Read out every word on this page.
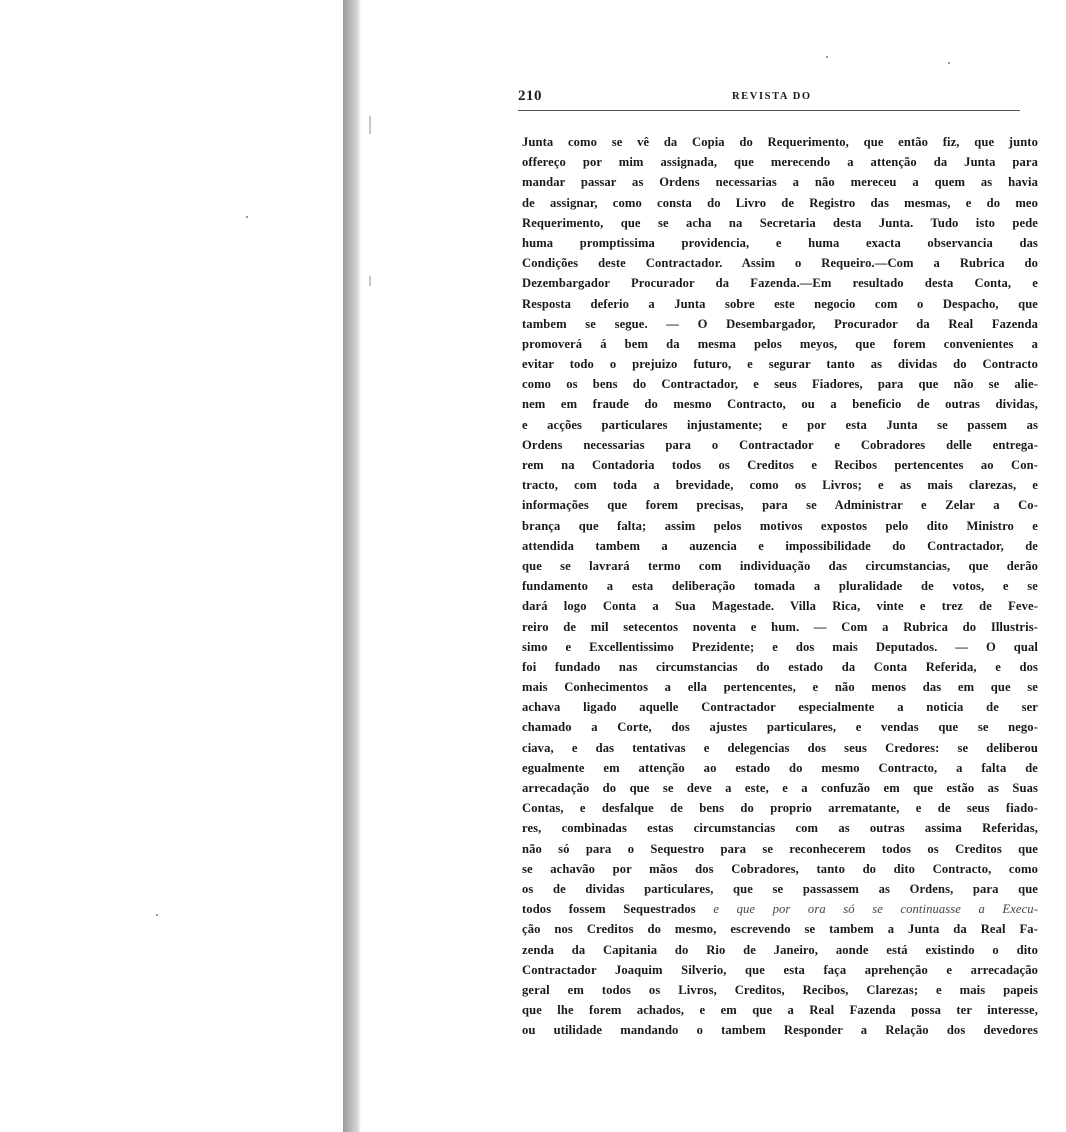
210	REVISTA DO
Junta como se vê da Copia do Requerimento, que então fiz, que junto
offereço por mim assignada, que merecendo a attenção da Junta para
mandar passar as Ordens necessarias a não mereceu a quem as havia
de assignar, como consta do Livro de Registro das mesmas, e do meo
Requerimento, que se acha na Secretaria desta Junta. Tudo isto pede
huma promptissima providencia, e huma exacta observancia das
Condições deste Contractador. Assim o Requeiro.—Com a Rubrica do
Dezembargador Procurador da Fazenda.—Em resultado desta Conta, e
Resposta deferio a Junta sobre este negocio com o Despacho, que
tambem se segue. — O Desembargador, Procurador da Real Fazenda
promoverá á bem da mesma pelos meyos, que forem convenientes a
evitar todo o prejuizo futuro, e segurar tanto as dividas do Contracto
como os bens do Contractador, e seus Fiadores, para que não se alie-
nem em fraude do mesmo Contracto, ou a beneficio de outras dividas,
e acções particulares injustamente; e por esta Junta se passem as
Ordens necessarias para o Contractador e Cobradores delle entrega-
rem na Contadoria todos os Creditos e Recibos pertencentes ao Con-
tracto, com toda a brevidade, como os Livros; e as mais clarezas, e
informações que forem precisas, para se Administrar e Zelar a Co-
brança que falta; assim pelos motivos expostos pelo dito Ministro e
attendida tambem a auzencia e impossibilidade do Contractador, de
que se lavrará termo com individuação das circumstancias, que derão
fundamento a esta deliberação tomada a pluralidade de votos, e se
dará logo Conta a Sua Magestade. Villa Rica, vinte e trez de Feve-
reiro de mil setecentos noventa e hum. — Com a Rubrica do Illustris-
simo e Excellentissimo Prezidente; e dos mais Deputados. — O qual
foi fundado nas circumstancias do estado da Conta Referida, e dos
mais Conhecimentos a ella pertencentes, e não menos das em que se
achava ligado aquelle Contractador especialmente a noticia de ser
chamado a Corte, dos ajustes particulares, e vendas que se nego-
ciava, e das tentativas e delegencias dos seus Credores: se deliberou
egualmente em attenção ao estado do mesmo Contracto, a falta de
arrecadação do que se deve a este, e a confuzão em que estão as Suas
Contas, e desfalque de bens do proprio arrematante, e de seus fiado-
res, combinadas estas circumstancias com as outras assima Referidas,
não só para o Sequestro para se reconhecerem todos os Creditos que
se achavão por mãos dos Cobradores, tanto do dito Contracto, como
os de dividas particulares, que se passassem as Ordens, para que
todos fossem Sequestrados e que por ora só se continuasse a Execu-
ção nos Creditos do mesmo, escrevendo se tambem a Junta da Real Fa-
zenda da Capitania do Rio de Janeiro, aonde está existindo o dito
Contractador Joaquim Silverio, que esta faça aprehenção e arrecadação
geral em todos os Livros, Creditos, Recibos, Clarezas; e mais papeis
que lhe forem achados, e em que a Real Fazenda possa ter interesse,
ou utilidade mandando o tambem Responder a Relação dos devedores
